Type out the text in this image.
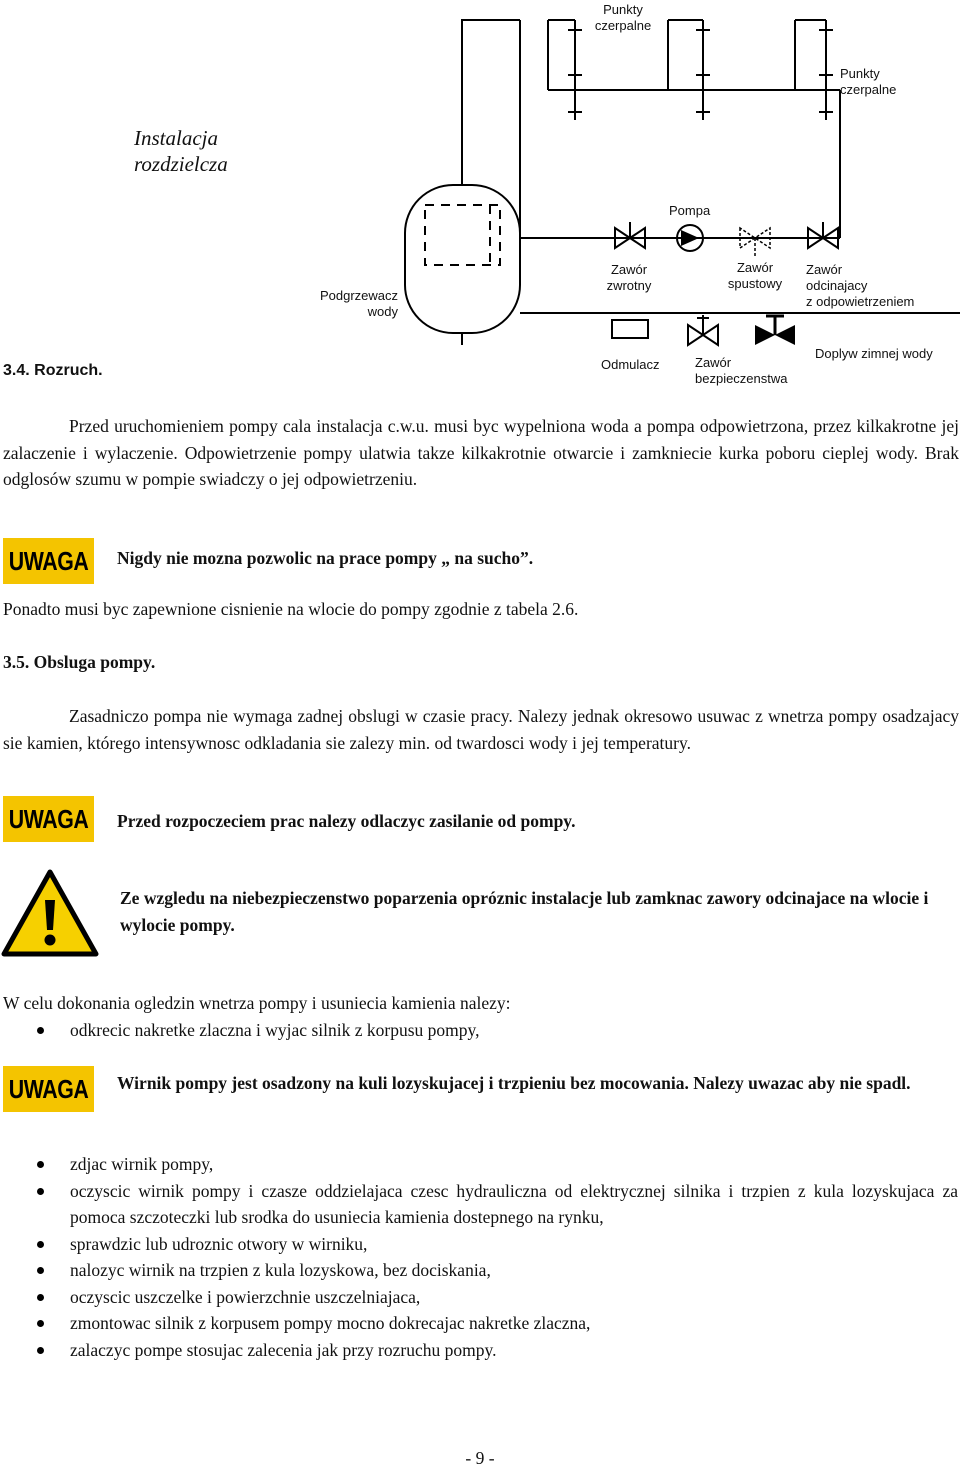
Instalacja
rozdzielcza
Punkty
czerpalne
Punkty
czerpalne
Pompa
Podgrzewacz
wody
Zawór
zwrotny
Zawór
spustowy
Zawór
odcinajacy
z odpowietrzeniem
Odmulacz	Zawór
bezpieczenstwa
Doplyw zimnej wody
3.4. Rozruch.

Przed uruchomieniem pompy cala instalacja c.w.u. musi byc wypelniona woda a pompa odpowietrzona, przez kilkakrotne jej zalaczenie i wylaczenie. Odpowietrzenie pompy ulatwia takze kilkakrotnie otwarcie i zamkniecie kurka poboru cieplej wody. Brak odglosów szumu w pompie swiadczy o jej odpowietrzeniu.

UWAGA Nigdy nie mozna pozwolic na prace pompy „ na sucho”.
Ponadto musi byc zapewnione cisnienie na wlocie do pompy zgodnie z tabela 2.6.
3.5. Obsluga pompy.

Zasadniczo pompa nie wymaga zadnej obslugi w czasie pracy. Nalezy jednak okresowo usuwac z wnetrza pompy osadzajacy sie kamien, którego intensywnosc odkladania sie zalezy min. od twardosci wody i jej temperatury.

UWAGA Przed rozpoczeciem prac nalezy odlaczyc zasilanie od pompy.
Ze wzgledu na niebezpieczenstwo poparzenia opróznic instalacje lub zamknac zawory odcinajace na wlocie i wylocie pompy.
W celu dokonania ogledzin wnetrza pompy i usuniecia kamienia nalezy:
odkrecic nakretke zlaczna i wyjac silnik z korpusu pompy,
UWAGA Wirnik pompy jest osadzony na kuli lozyskujacej i trzpieniu bez mocowania. Nalezy uwazac aby nie spadl.
zdjac wirnik pompy,
oczyscic wirnik pompy i czasze oddzielajaca czesc hydrauliczna od elektrycznej silnika i trzpien z kula lozyskujaca za pomoca szczoteczki lub srodka do usuniecia kamienia dostepnego na rynku,
sprawdzic lub udroznic otwory w wirniku,
nalozyc wirnik na trzpien z kula lozyskowa, bez dociskania,
oczyscic uszczelke i powierzchnie uszczelniajaca,
zmontowac silnik z korpusem pompy mocno dokrecajac nakretke zlaczna,
zalaczyc pompe stosujac zalecenia jak przy rozruchu pompy.
- 9 -
